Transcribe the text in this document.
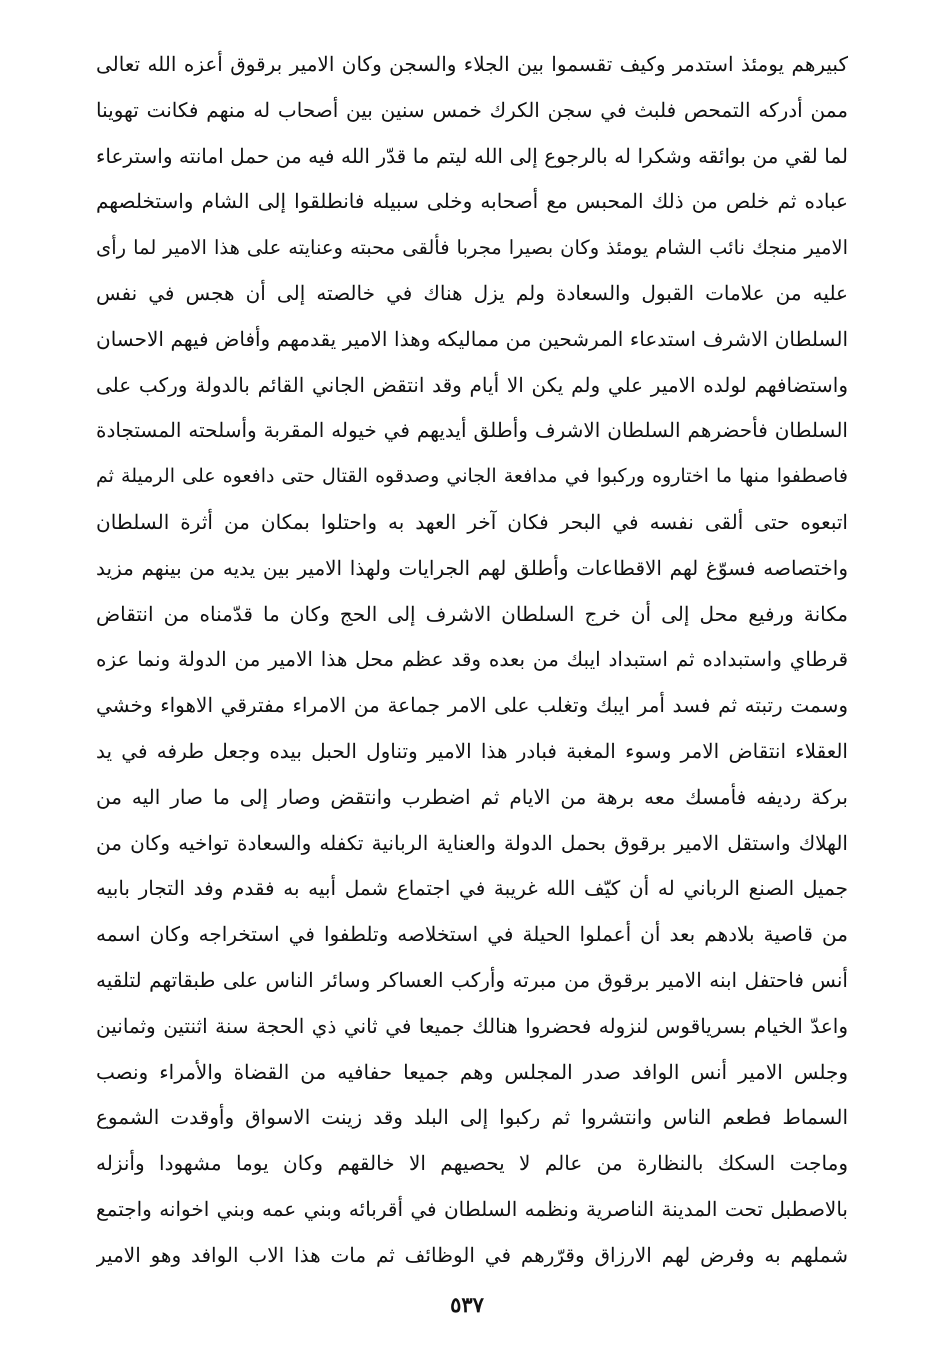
كبيرهم يومئذ استدمر وكيف تقسموا بين الجلاء والسجن وكان الامير برقوق أعزه الله تعالى
ممن أدركه التمحص فلبث في سجن الكرك خمس سنين بين أصحاب له منهم فكانت تهوينا
لما لقي من بوائقه وشكرا له بالرجوع إلى الله ليتم ما قدّر الله فيه من حمل امانته واسترعاء
عباده ثم خلص من ذلك المحبس مع أصحابه وخلى سبيله فانطلقوا إلى الشام واستخلصهم
الامير منجك نائب الشام يومئذ وكان بصيرا مجربا فألقى محبته وعنايته على هذا الامير لما رأى
عليه من علامات القبول والسعادة ولم يزل هناك في خالصته إلى أن هجس في نفس
السلطان الاشرف استدعاء المرشحين من مماليكه وهذا الامير يقدمهم وأفاض فيهم الاحسان
واستضافهم لولده الامير علي ولم يكن الا أيام وقد انتقض الجاني القائم بالدولة وركب على
السلطان فأحضرهم السلطان الاشرف وأطلق أيديهم في خيوله المقربة وأسلحته المستجادة
فاصطفوا منها ما اختاروه وركبوا في مدافعة الجاني وصدقوه القتال حتى دافعوه على الرميلة ثم
اتبعوه حتى ألقى نفسه في البحر فكان آخر العهد به واحتلوا بمكان من أثرة السلطان
واختصاصه فسوّغ لهم الاقطاعات وأطلق لهم الجرايات ولهذا الامير بين يديه من بينهم مزيد
مكانة ورفيع محل إلى أن خرج السلطان الاشرف إلى الحج وكان ما قدّمناه من انتقاض
قرطاي واستبداده ثم استبداد ايبك من بعده وقد عظم محل هذا الامير من الدولة ونما عزه
وسمت رتبته ثم فسد أمر ايبك وتغلب على الامر جماعة من الامراء مفترقي الاهواء وخشي
العقلاء انتقاض الامر وسوء المغبة فبادر هذا الامير وتناول الحبل بيده وجعل طرفه في يد
بركة رديفه فأمسك معه برهة من الايام ثم اضطرب وانتقض وصار إلى ما صار اليه من
الهلاك واستقل الامير برقوق بحمل الدولة والعناية الربانية تكفله والسعادة تواخيه وكان من
جميل الصنع الرباني له أن كيّف الله غريبة في اجتماع شمل أبيه به فقدم وفد التجار بابيه
من قاصية بلادهم بعد أن أعملوا الحيلة في استخلاصه وتلطفوا في استخراجه وكان اسمه
أنس فاحتفل ابنه الامير برقوق من مبرته وأركب العساكر وسائر الناس على طبقاتهم لتلقيه
واعدّ الخيام بسرياقوس لنزوله فحضروا هنالك جميعا في ثاني ذي الحجة سنة اثنتين وثمانين
وجلس الامير أنس الوافد صدر المجلس وهم جميعا حفافيه من القضاة والأمراء ونصب
السماط فطعم الناس وانتشروا ثم ركبوا إلى البلد وقد زينت الاسواق وأوقدت الشموع
وماجت السكك بالنظارة من عالم لا يحصيهم الا خالقهم وكان يوما مشهودا وأنزله
بالاصطبل تحت المدينة الناصرية ونظمه السلطان في أقربائه وبني عمه وبني اخوانه واجتمع
شملهم به وفرض لهم الارزاق وقرّرهم في الوظائف ثم مات هذا الاب الوافد وهو الامير
٥٣٧
